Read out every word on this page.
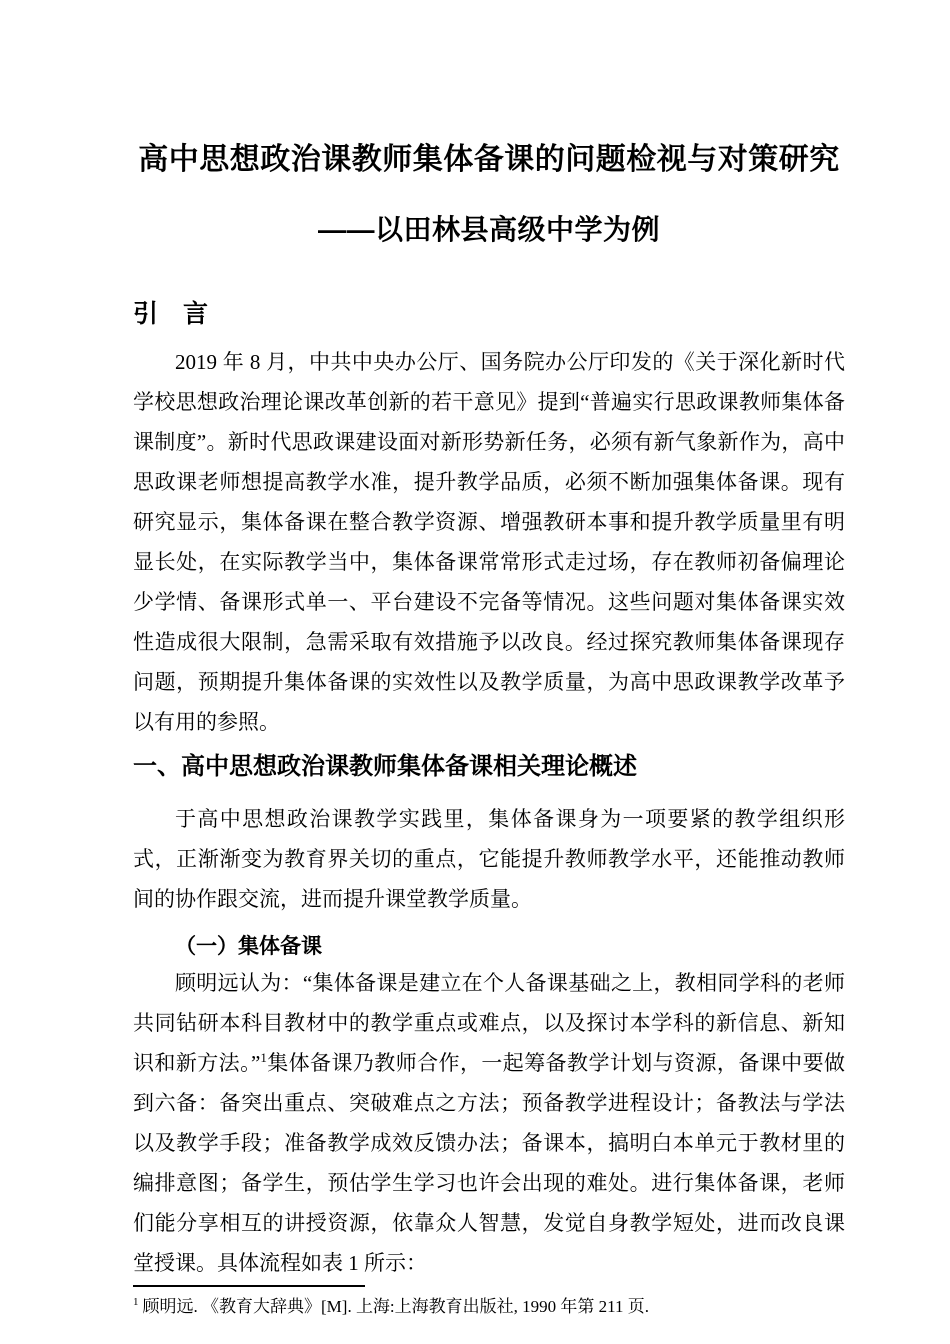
高中思想政治课教师集体备课的问题检视与对策研究
——以田林县高级中学为例
引　言

2019 年 8 月，中共中央办公厅、国务院办公厅印发的《关于深化新时代学校思想政治理论课改革创新的若干意见》提到“普遍实行思政课教师集体备课制度”。新时代思政课建设面对新形势新任务，必须有新气象新作为，高中思政课老师想提高教学水准，提升教学品质，必须不断加强集体备课。现有研究显示，集体备课在整合教学资源、增强教研本事和提升教学质量里有明显长处，在实际教学当中，集体备课常常形式走过场，存在教师初备偏理论少学情、备课形式单一、平台建设不完备等情况。这些问题对集体备课实效性造成很大限制，急需采取有效措施予以改良。经过探究教师集体备课现存问题，预期提升集体备课的实效性以及教学质量，为高中思政课教学改革予以有用的参照。

一、高中思想政治课教师集体备课相关理论概述

于高中思想政治课教学实践里，集体备课身为一项要紧的教学组织形式，正渐渐变为教育界关切的重点，它能提升教师教学水平，还能推动教师间的协作跟交流，进而提升课堂教学质量。

（一）集体备课

顾明远认为：“集体备课是建立在个人备课基础之上，教相同学科的老师共同钻研本科目教材中的教学重点或难点，以及探讨本学科的新信息、新知识和新方法。”$^1$集体备课乃教师合作，一起筹备教学计划与资源，备课中要做到六备：备突出重点、突破难点之方法；预备教学进程设计；备教法与学法以及教学手段；准备教学成效反馈办法；备课本，搞明白本单元于教材里的编排意图；备学生，预估学生学习也许会出现的难处。进行集体备课，老师们能分享相互的讲授资源，依靠众人智慧，发觉自身教学短处，进而改良课堂授课。具体流程如表 1 所示：

$^1$ 顾明远. 《教育大辞典》[M]. 上海:上海教育出版社, 1990 年第 211 页.
